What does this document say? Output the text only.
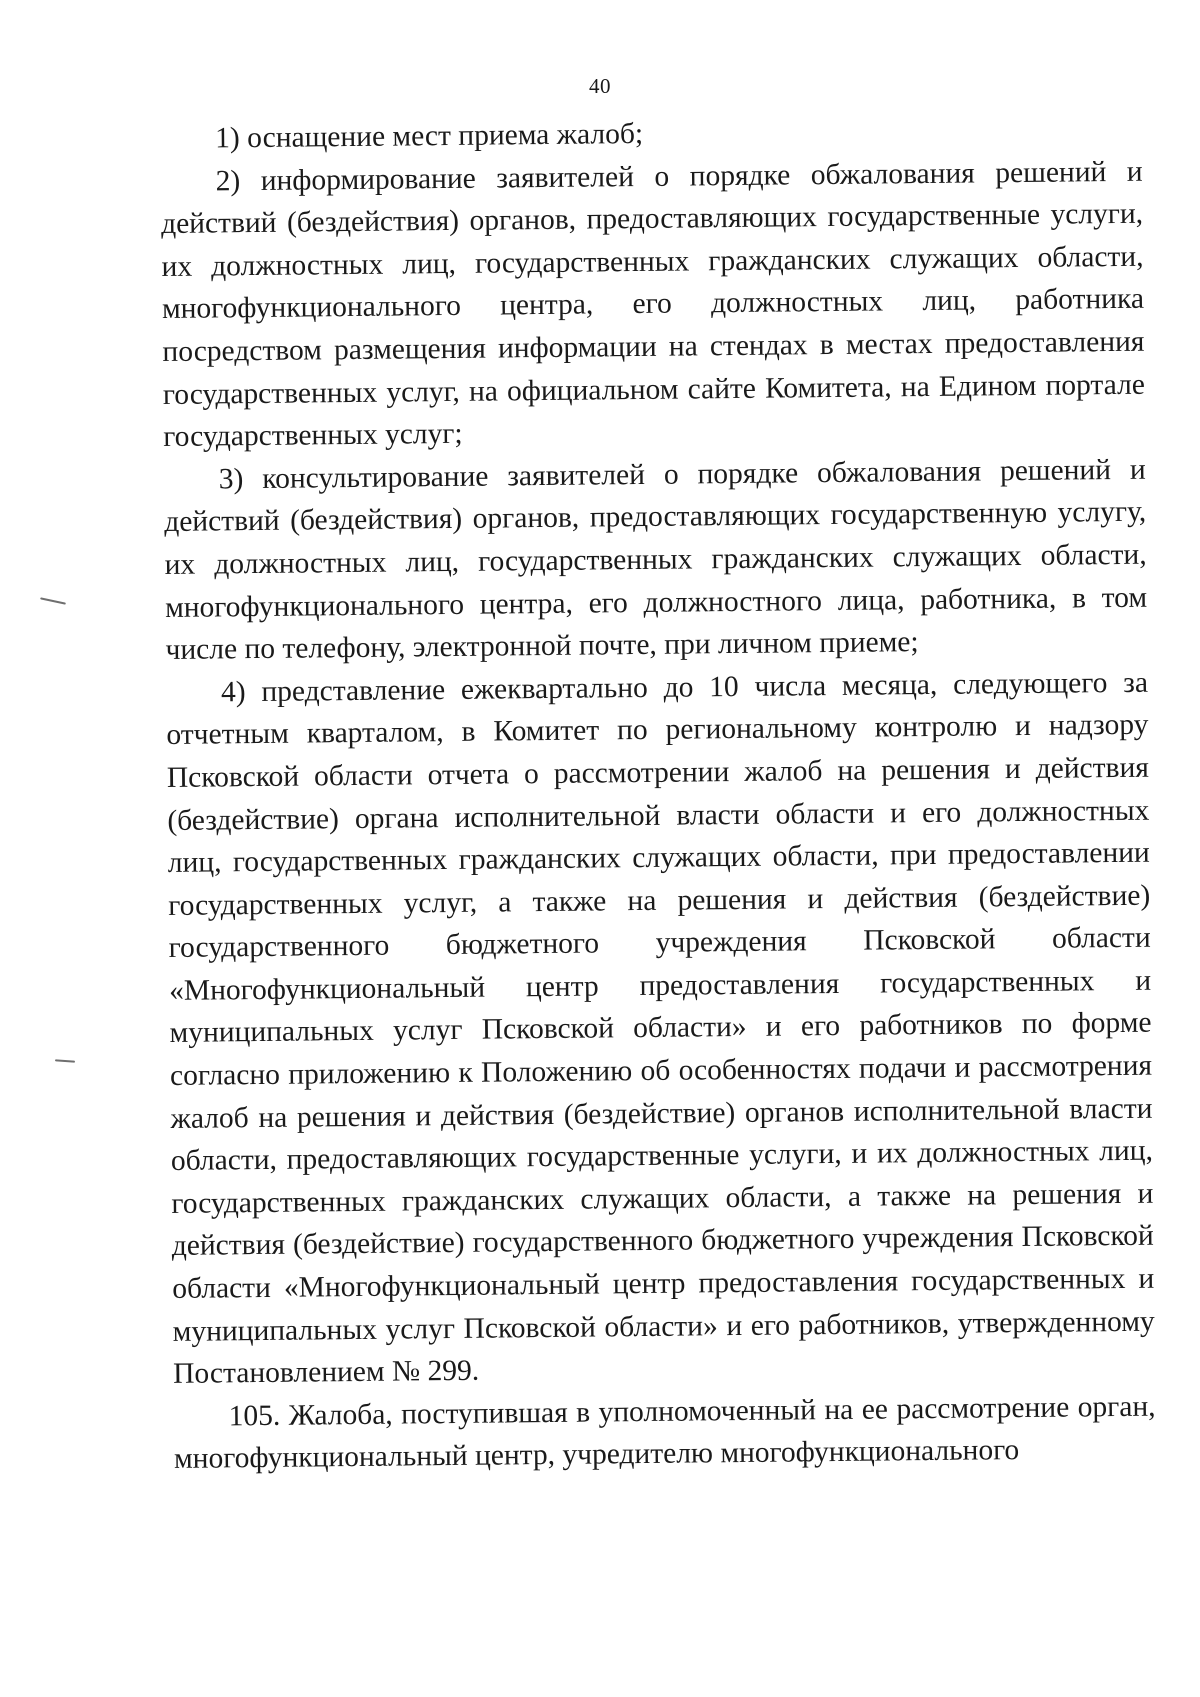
40

1) оснащение мест приема жалоб;

2) информирование заявителей о порядке обжалования решений и действий (бездействия) органов, предоставляющих государственные услуги, их должностных лиц, государственных гражданских служащих области, многофункционального центра, его должностных лиц, работника посредством размещения информации на стендах в местах предоставления государственных услуг, на официальном сайте Комитета, на Едином портале государственных услуг;

3) консультирование заявителей о порядке обжалования решений и действий (бездействия) органов, предоставляющих государственную услугу, их должностных лиц, государственных гражданских служащих области, многофункционального центра, его должностного лица, работника, в том числе по телефону, электронной почте, при личном приеме;

4) представление ежеквартально до 10 числа месяца, следующего за отчетным кварталом, в Комитет по региональному контролю и надзору Псковской области отчета о рассмотрении жалоб на решения и действия (бездействие) органа исполнительной власти области и его должностных лиц, государственных гражданских служащих области, при предоставлении государственных услуг, а также на решения и действия (бездействие) государственного бюджетного учреждения Псковской области «Многофункциональный центр предоставления государственных и муниципальных услуг Псковской области» и его работников по форме согласно приложению к Положению об особенностях подачи и рассмотрения жалоб на решения и действия (бездействие) органов исполнительной власти области, предоставляющих государственные услуги, и их должностных лиц, государственных гражданских служащих области, а также на решения и действия (бездействие) государственного бюджетного учреждения Псковской области «Многофункциональный центр предоставления государственных и муниципальных услуг Псковской области» и его работников, утвержденному Постановлением № 299.

105. Жалоба, поступившая в уполномоченный на ее рассмотрение орган, многофункциональный центр, учредителю многофункционального
